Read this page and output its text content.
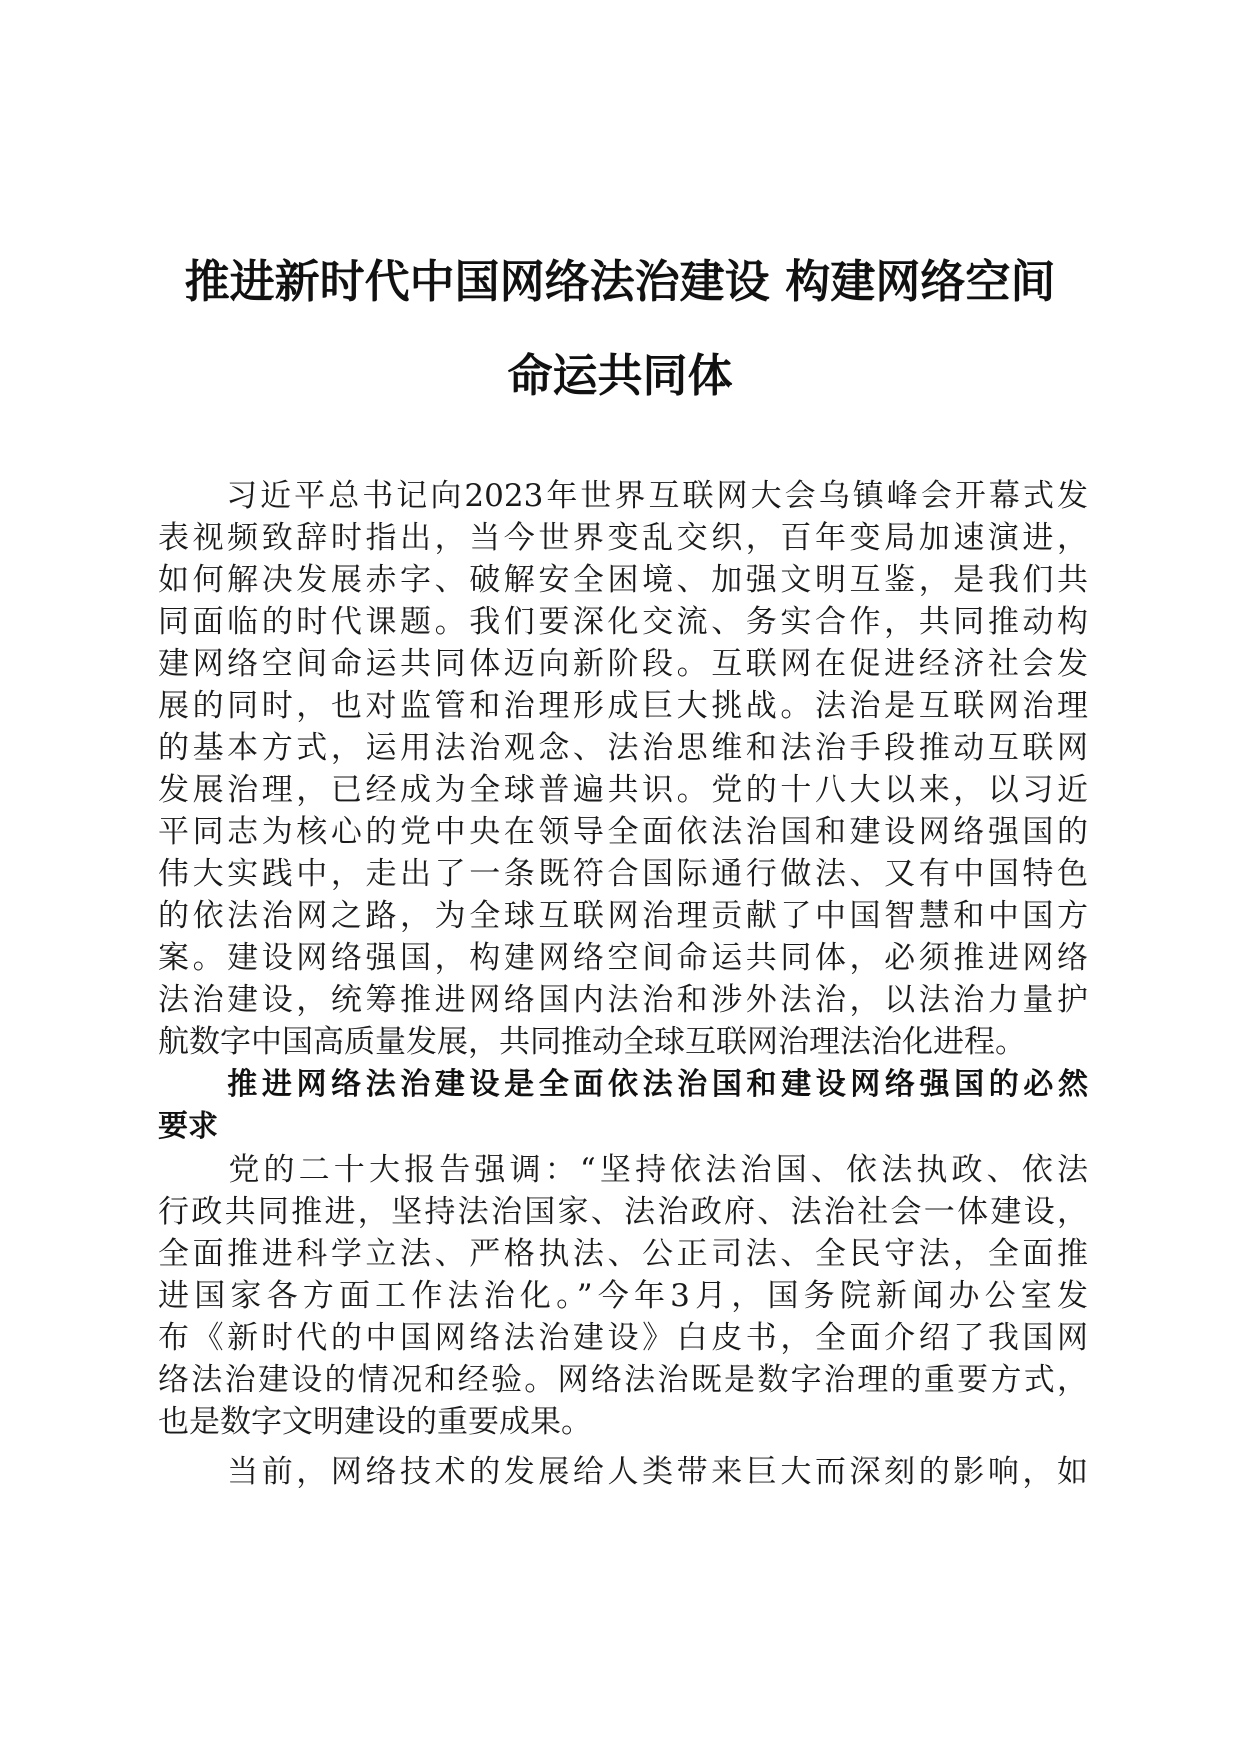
推进新时代中国网络法治建设 构建网络空间
命运共同体

　　习近平总书记向2023年世界互联网大会乌镇峰会开幕式发

表视频致辞时指出，当今世界变乱交织，百年变局加速演进，

如何解决发展赤字、破解安全困境、加强文明互鉴，是我们共

同面临的时代课题。我们要深化交流、务实合作，共同推动构

建网络空间命运共同体迈向新阶段。互联网在促进经济社会发

展的同时，也对监管和治理形成巨大挑战。法治是互联网治理

的基本方式，运用法治观念、法治思维和法治手段推动互联网

发展治理，已经成为全球普遍共识。党的十八大以来，以习近

平同志为核心的党中央在领导全面依法治国和建设网络强国的

伟大实践中，走出了一条既符合国际通行做法、又有中国特色

的依法治网之路，为全球互联网治理贡献了中国智慧和中国方

案。建设网络强国，构建网络空间命运共同体，必须推进网络

法治建设，统筹推进网络国内法治和涉外法治，以法治力量护

航数字中国高质量发展，共同推动全球互联网治理法治化进程。

　　推进网络法治建设是全面依法治国和建设网络强国的必然
要求

　　党的二十大报告强调：“坚持依法治国、依法执政、依法

行政共同推进，坚持法治国家、法治政府、法治社会一体建设，

全面推进科学立法、严格执法、公正司法、全民守法，全面推

进国家各方面工作法治化。”今年3月，国务院新闻办公室发

布《新时代的中国网络法治建设》白皮书，全面介绍了我国网

络法治建设的情况和经验。网络法治既是数字治理的重要方式，

也是数字文明建设的重要成果。

　　当前，网络技术的发展给人类带来巨大而深刻的影响，如
